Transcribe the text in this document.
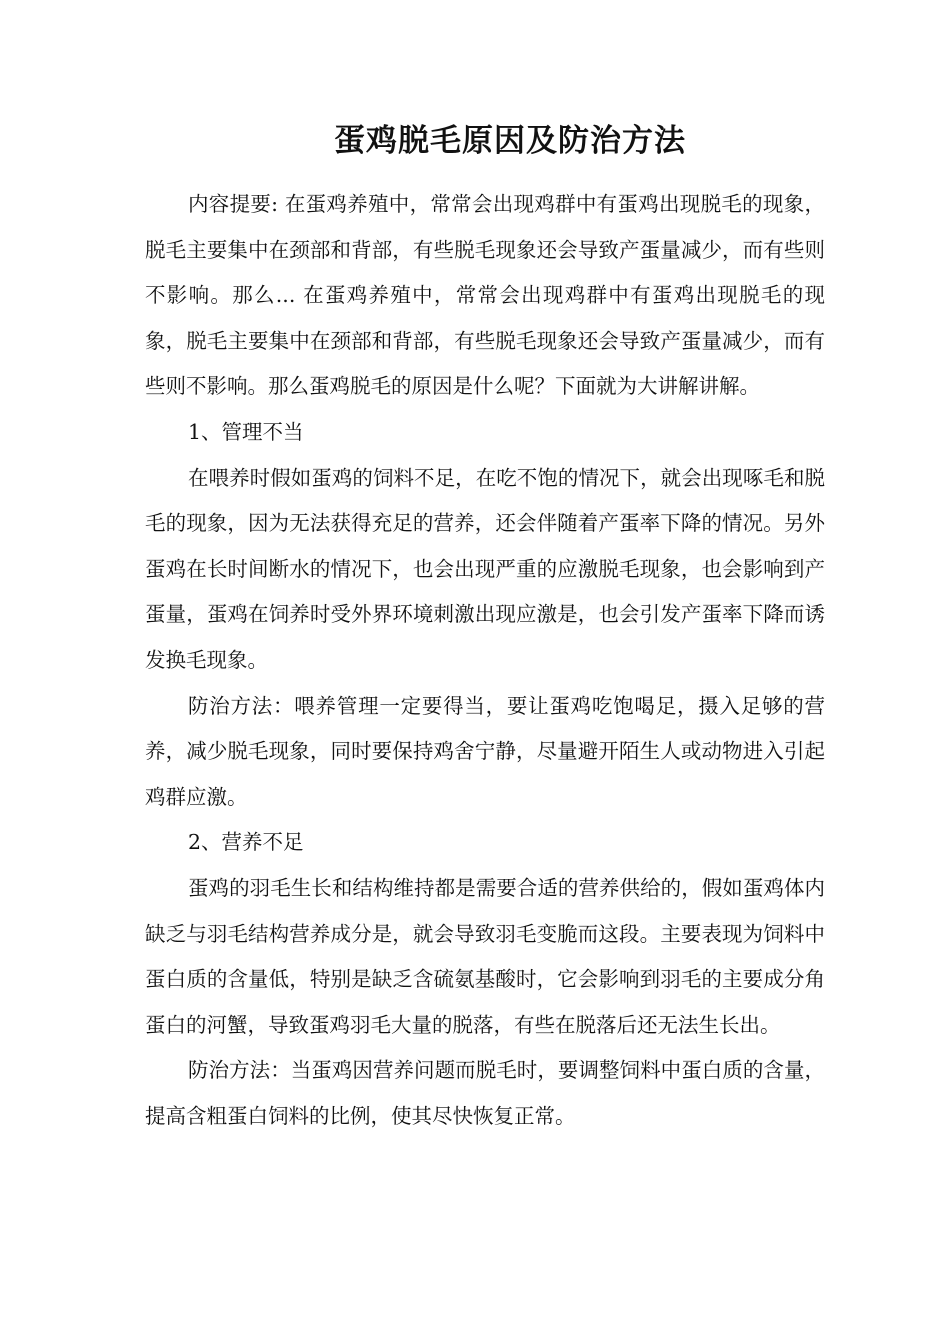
蛋鸡脱毛原因及防治方法

内容提要: 在蛋鸡养殖中，常常会出现鸡群中有蛋鸡出现脱毛的现象，脱毛主要集中在颈部和背部，有些脱毛现象还会导致产蛋量减少，而有些则不影响。那么... 在蛋鸡养殖中，常常会出现鸡群中有蛋鸡出现脱毛的现象，脱毛主要集中在颈部和背部，有些脱毛现象还会导致产蛋量减少，而有些则不影响。那么蛋鸡脱毛的原因是什么呢？下面就为大讲解讲解。

1、管理不当

在喂养时假如蛋鸡的饲料不足，在吃不饱的情况下，就会出现啄毛和脱毛的现象，因为无法获得充足的营养，还会伴随着产蛋率下降的情况。另外蛋鸡在长时间断水的情况下，也会出现严重的应激脱毛现象，也会影响到产蛋量，蛋鸡在饲养时受外界环境刺激出现应激是，也会引发产蛋率下降而诱发换毛现象。

防治方法：喂养管理一定要得当，要让蛋鸡吃饱喝足，摄入足够的营养，减少脱毛现象，同时要保持鸡舍宁静，尽量避开陌生人或动物进入引起鸡群应激。

2、营养不足

蛋鸡的羽毛生长和结构维持都是需要合适的营养供给的，假如蛋鸡体内缺乏与羽毛结构营养成分是，就会导致羽毛变脆而这段。主要表现为饲料中蛋白质的含量低，特别是缺乏含硫氨基酸时，它会影响到羽毛的主要成分角蛋白的河蟹，导致蛋鸡羽毛大量的脱落，有些在脱落后还无法生长出。

防治方法：当蛋鸡因营养问题而脱毛时，要调整饲料中蛋白质的含量，提高含粗蛋白饲料的比例，使其尽快恢复正常。
